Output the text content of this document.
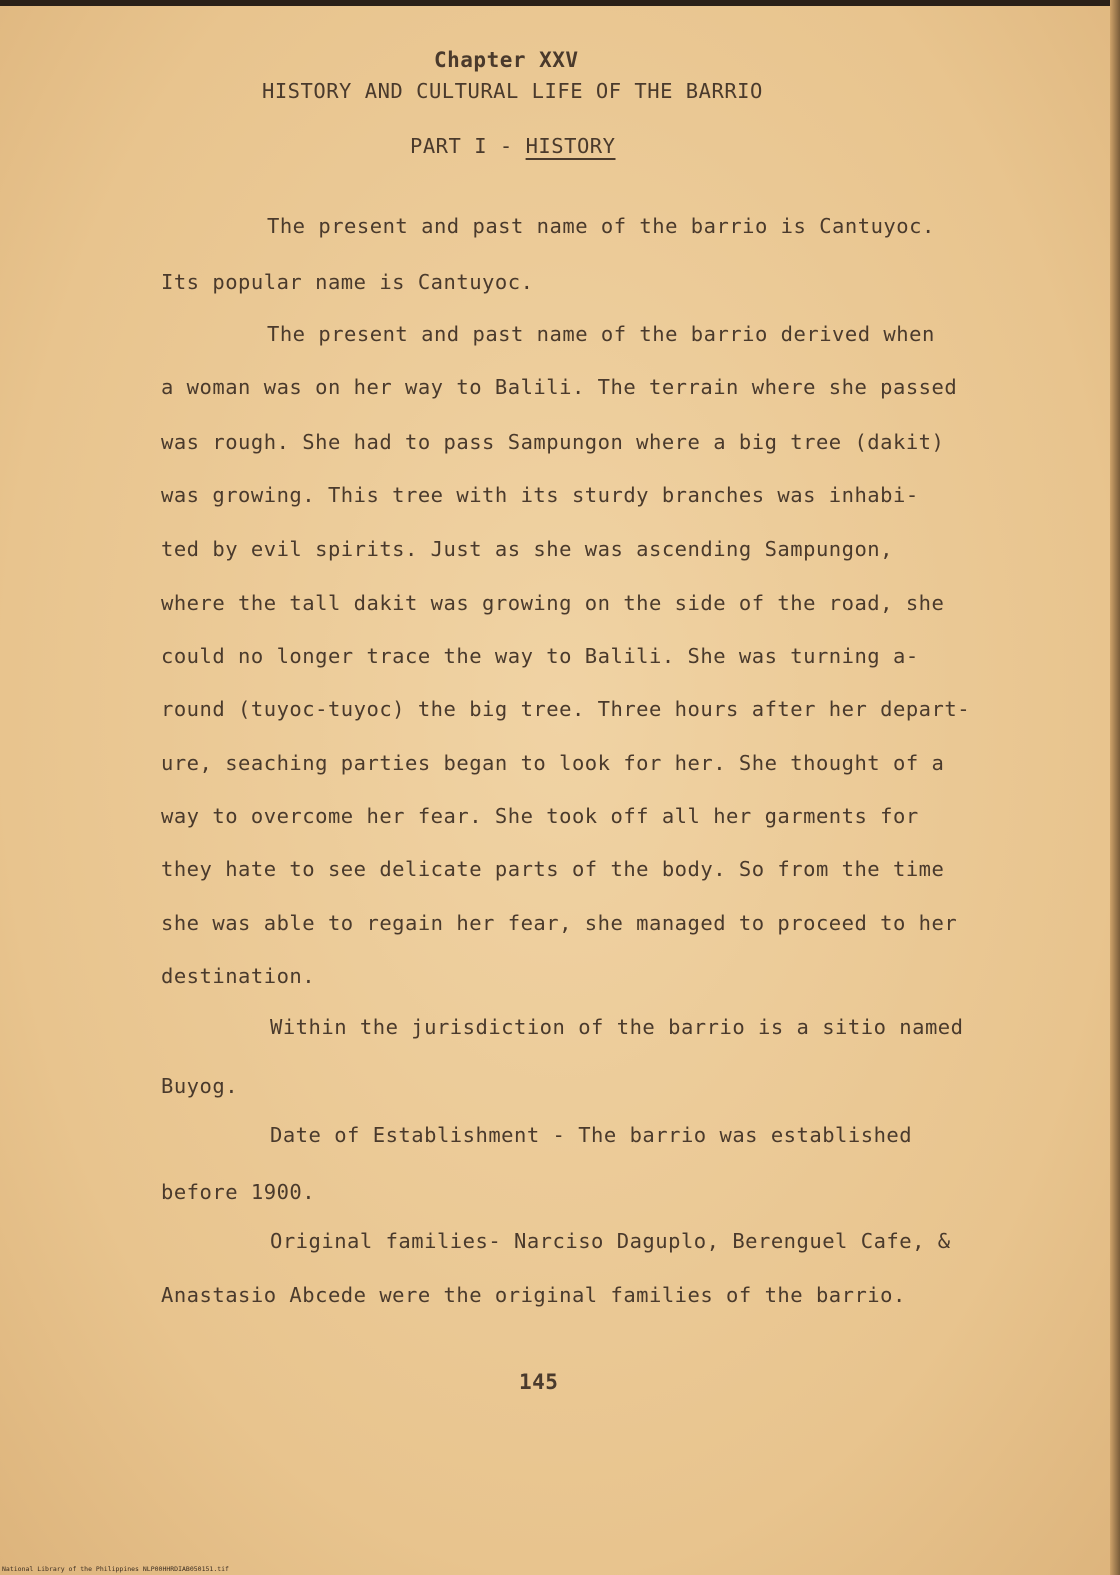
Chapter XXV
HISTORY AND CULTURAL LIFE OF THE BARRIO
PART I - HISTORY
The present and past name of the barrio is Cantuyoc.
Its popular name is Cantuyoc.
The present and past name of the barrio derived when
a woman was on her way to Balili. The terrain where she passed
was rough. She had to pass Sampungon where a big tree (dakit)
was growing. This tree with its sturdy branches was inhabi-
ted by evil spirits. Just as she was ascending Sampungon,
where the tall dakit was growing on the side of the road, she
could no longer trace the way to Balili. She was turning a-
round (tuyoc-tuyoc) the big tree. Three hours after her depart-
ure, seaching parties began to look for her. She thought of a
way to overcome her fear. She took off all her garments for
they hate to see delicate parts of the body. So from the time
she was able to regain her fear, she managed to proceed to her
destination.
Within the jurisdiction of the barrio is a sitio named
Buyog.
Date of Establishment - The barrio was established
before 1900.
Original families- Narciso Daguplo, Berenguel Cafe, &
Anastasio Abcede were the original families of the barrio.
145
National Library of the Philippines NLP00HHRDIAB050151.tif
